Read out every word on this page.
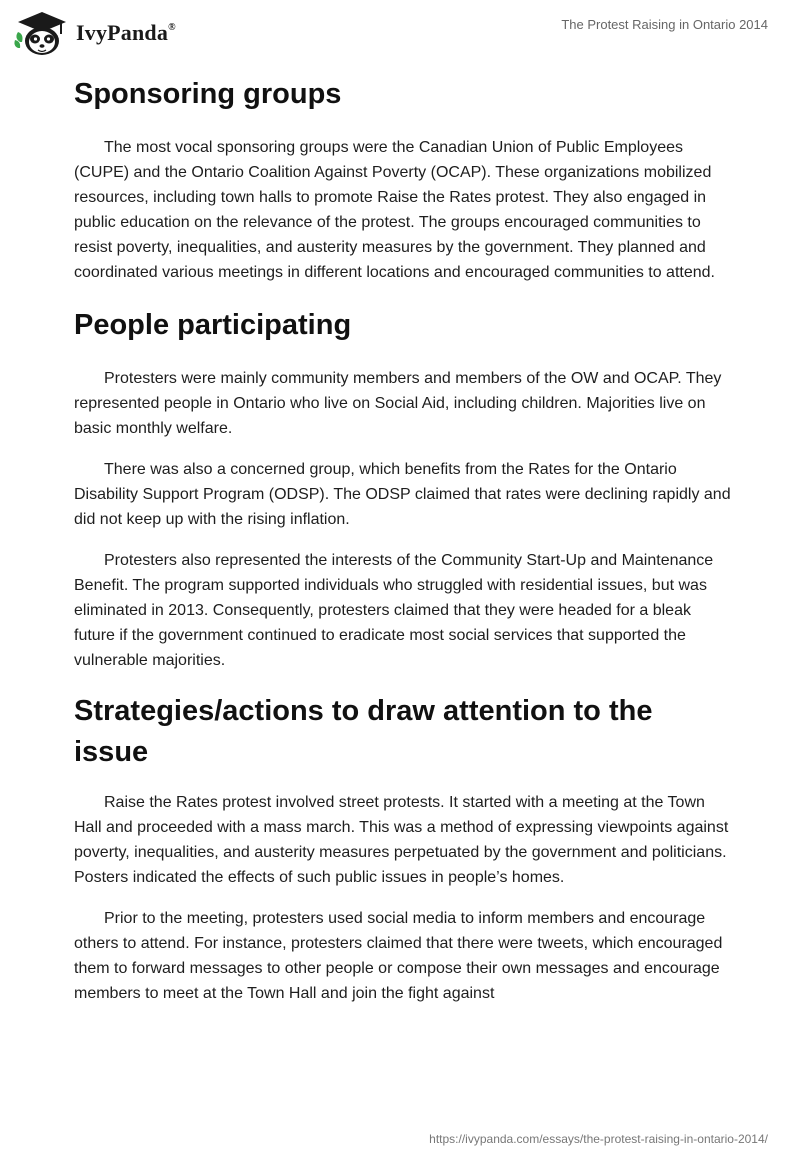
IvyPanda®	The Protest Raising in Ontario 2014
Sponsoring groups

The most vocal sponsoring groups were the Canadian Union of Public Employees (CUPE) and the Ontario Coalition Against Poverty (OCAP). These organizations mobilized resources, including town halls to promote Raise the Rates protest. They also engaged in public education on the relevance of the protest. The groups encouraged communities to resist poverty, inequalities, and austerity measures by the government. They planned and coordinated various meetings in different locations and encouraged communities to attend.

People participating

Protesters were mainly community members and members of the OW and OCAP. They represented people in Ontario who live on Social Aid, including children. Majorities live on basic monthly welfare.

There was also a concerned group, which benefits from the Rates for the Ontario Disability Support Program (ODSP). The ODSP claimed that rates were declining rapidly and did not keep up with the rising inflation.

Protesters also represented the interests of the Community Start-Up and Maintenance Benefit. The program supported individuals who struggled with residential issues, but was eliminated in 2013. Consequently, protesters claimed that they were headed for a bleak future if the government continued to eradicate most social services that supported the vulnerable majorities.

Strategies/actions to draw attention to the issue

Raise the Rates protest involved street protests. It started with a meeting at the Town Hall and proceeded with a mass march. This was a method of expressing viewpoints against poverty, inequalities, and austerity measures perpetuated by the government and politicians. Posters indicated the effects of such public issues in people’s homes.

Prior to the meeting, protesters used social media to inform members and encourage others to attend. For instance, protesters claimed that there were tweets, which encouraged them to forward messages to other people or compose their own messages and encourage members to meet at the Town Hall and join the fight against

https://ivypanda.com/essays/the-protest-raising-in-ontario-2014/
